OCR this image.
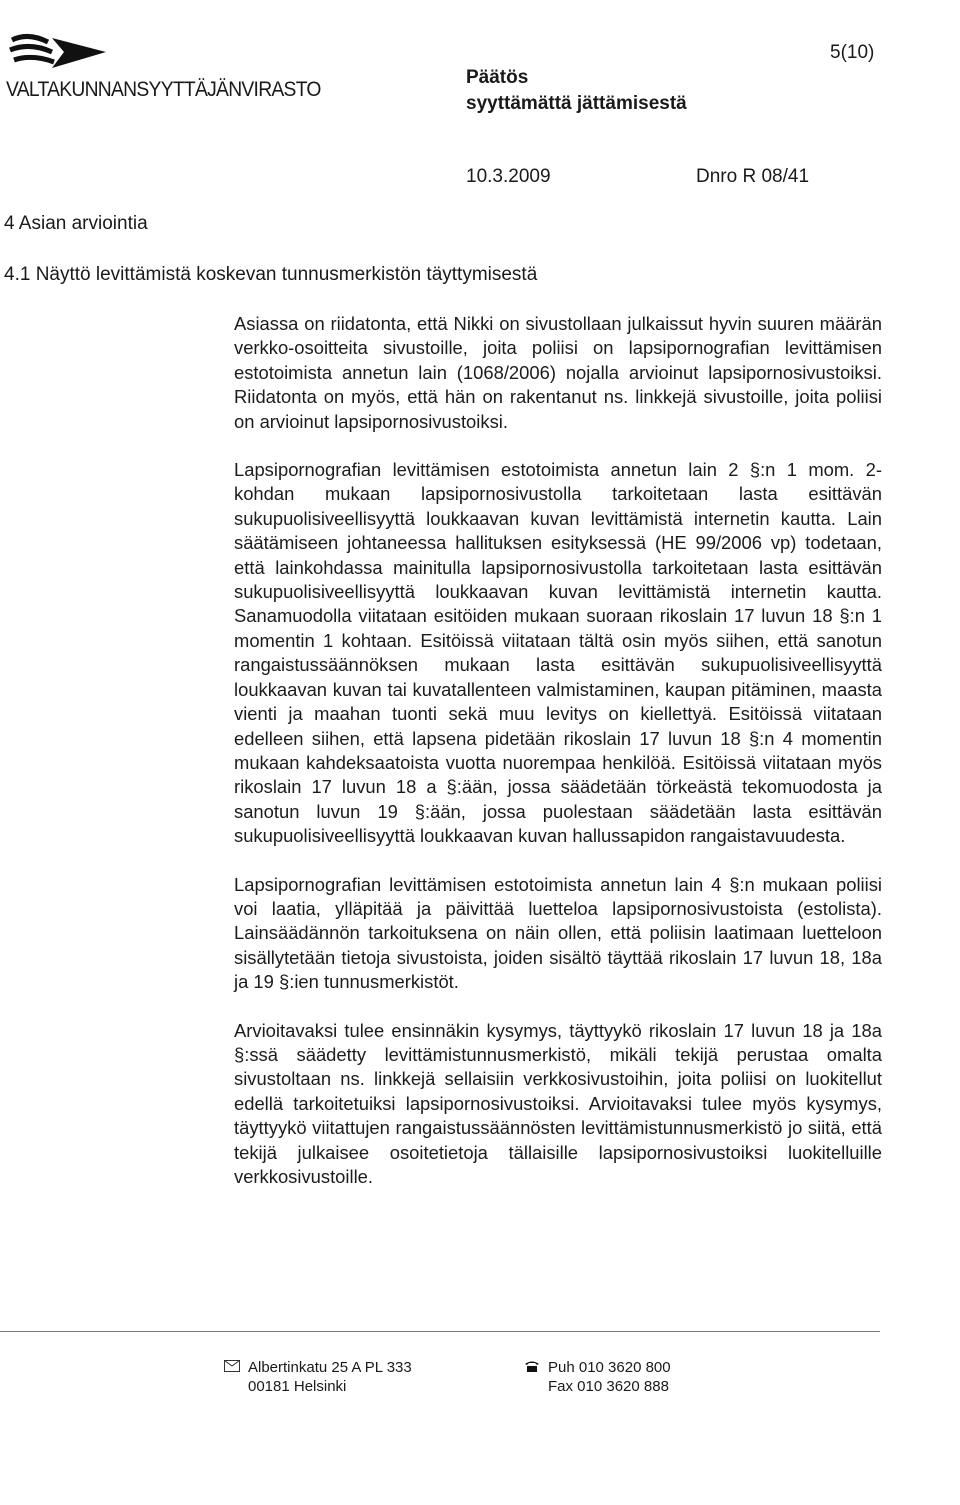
VALTAKUNNANSYYTTÄJÄNVIRASTO
Päätös
syyttämättä jättämisestä
5(10)
10.3.2009	Dnro R 08/41
4 Asian arviointia
4.1 Näyttö levittämistä koskevan tunnusmerkistön täyttymisestä

Asiassa on riidatonta, että Nikki on sivustollaan julkaissut hyvin suuren määrän verkko-osoitteita sivustoille, joita poliisi on lapsipornografian levittämisen estotoimista annetun lain (1068/2006) nojalla arvioinut lapsipornosivustoiksi. Riidatonta on myös, että hän on rakentanut ns. linkkejä sivustoille, joita poliisi on arvioinut lapsipornosivustoiksi.

Lapsipornografian levittämisen estotoimista annetun lain 2 §:n 1 mom. 2-kohdan mukaan lapsipornosivustolla tarkoitetaan lasta esittävän sukupuolisiveellisyyttä loukkaavan kuvan levittämistä internetin kautta. Lain säätämiseen johtaneessa hallituksen esityksessä (HE 99/2006 vp) todetaan, että lainkohdassa mainitulla lapsipornosivustolla tarkoitetaan lasta esittävän sukupuolisiveellisyyttä loukkaavan kuvan levittämistä internetin kautta. Sanamuodolla viitataan esitöiden mukaan suoraan rikoslain 17 luvun 18 §:n 1 momentin 1 kohtaan. Esitöissä viitataan tältä osin myös siihen, että sanotun rangaistussäännöksen mukaan lasta esittävän sukupuolisiveellisyyttä loukkaavan kuvan tai kuvatallenteen valmistaminen, kaupan pitäminen, maasta vienti ja maahan tuonti sekä muu levitys on kiellettyä. Esitöissä viitataan edelleen siihen, että lapsena pidetään rikoslain 17 luvun 18 §:n 4 momentin mukaan kahdeksaatoista vuotta nuorempaa henkilöä. Esitöissä viitataan myös rikoslain 17 luvun 18 a §:ään, jossa säädetään törkeästä tekomuodosta ja sanotun luvun 19 §:ään, jossa puolestaan säädetään lasta esittävän sukupuolisiveellisyyttä loukkaavan kuvan hallussapidon rangaistavuudesta.

Lapsipornografian levittämisen estotoimista annetun lain 4 §:n mukaan poliisi voi laatia, ylläpitää ja päivittää luetteloa lapsipornosivustoista (estolista). Lainsäädännön tarkoituksena on näin ollen, että poliisin laatimaan luetteloon sisällytetään tietoja sivustoista, joiden sisältö täyttää rikoslain 17 luvun 18, 18a ja 19 §:ien tunnusmerkistöt.

Arvioitavaksi tulee ensinnäkin kysymys, täyttyykö rikoslain 17 luvun 18 ja 18a §:ssä säädetty levittämistunnusmerkistö, mikäli tekijä perustaa omalta sivustoltaan ns. linkkejä sellaisiin verkkosivustoihin, joita poliisi on luokitellut edellä tarkoitetuiksi lapsipornosivustoiksi. Arvioitavaksi tulee myös kysymys, täyttyykö viitattujen rangaistussäännösten levittämistunnusmerkistö jo siitä, että tekijä julkaisee osoitetietoja tällaisille lapsipornosivustoiksi luokitelluille verkkosivustoille.

Albertinkatu 25 A PL 333
00181 Helsinki
Puh 010 3620 800
Fax 010 3620 888
